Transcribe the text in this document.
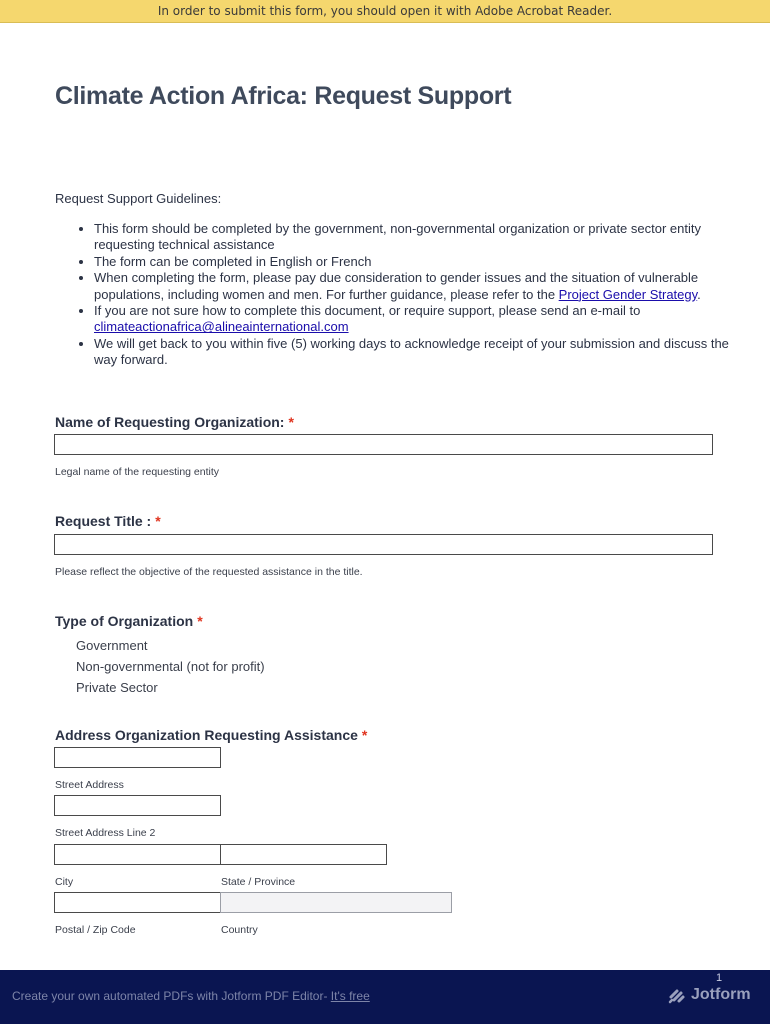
In order to submit this form, you should open it with Adobe Acrobat Reader.
Climate Action Africa: Request Support
Request Support Guidelines:
• This form should be completed by the government, non-governmental organization or private sector entity requesting technical assistance
• The form can be completed in English or French
• When completing the form, please pay due consideration to gender issues and the situation of vulnerable populations, including women and men. For further guidance, please refer to the Project Gender Strategy.
• If you are not sure how to complete this document, or require support, please send an e-mail to climateactionafrica@alineainternational.com
• We will get back to you within five (5) working days to acknowledge receipt of your submission and discuss the way forward.
Name of Requesting Organization: *
Legal name of the requesting entity
Request Title : *
Please reflect the objective of the requested assistance in the title.
Type of Organization *
Government
Non-governmental (not for profit)
Private Sector
Address Organization Requesting Assistance *
Street Address
Street Address Line 2
City	State / Province
Postal / Zip Code	Country
1
Create your own automated PDFs with Jotform PDF Editor- It's free	Jotform
